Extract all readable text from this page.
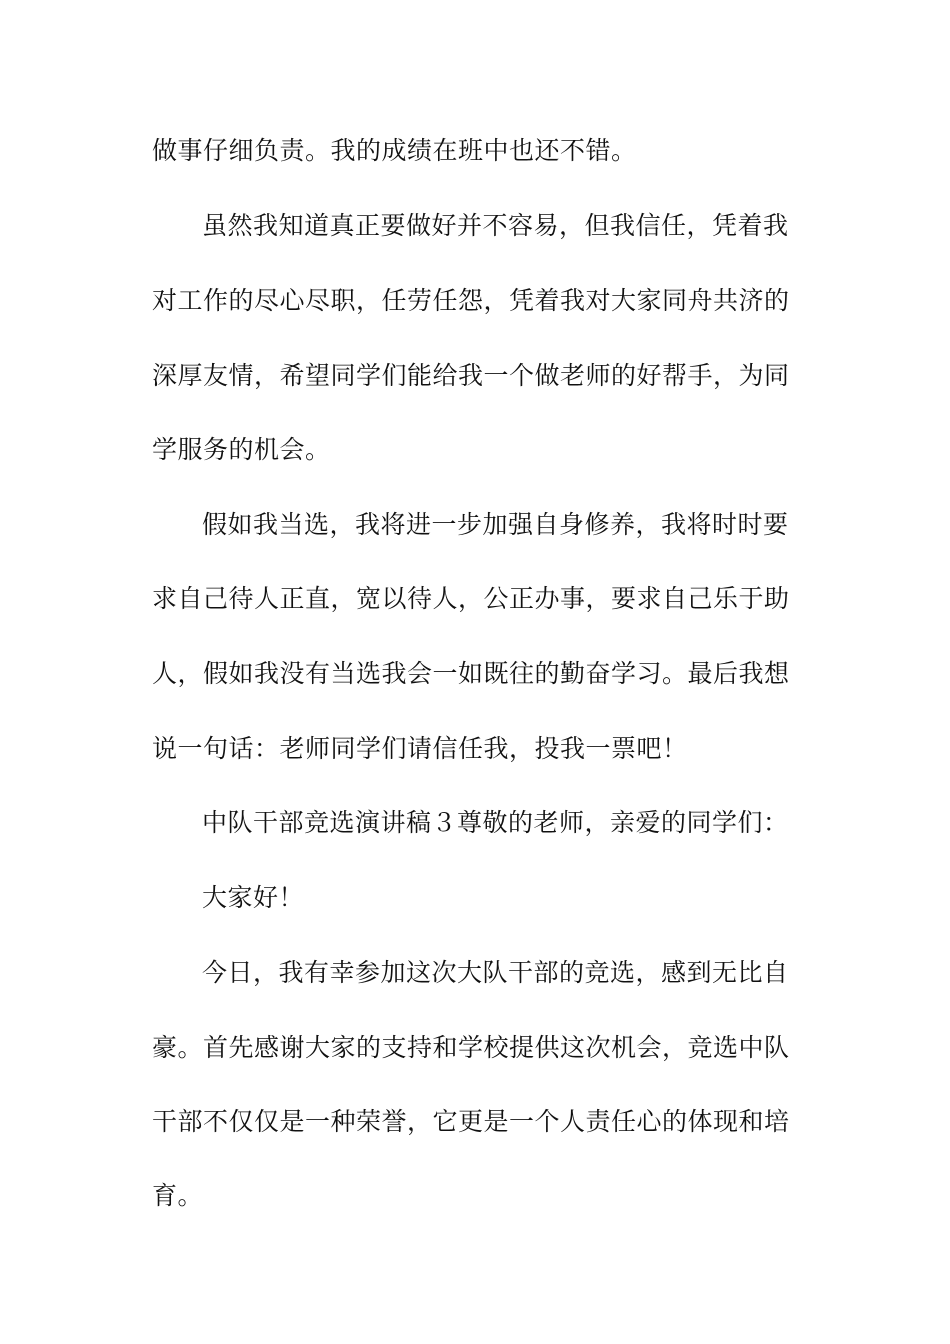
做事仔细负责。我的成绩在班中也还不错。
虽然我知道真正要做好并不容易，但我信任，凭着我
对工作的尽心尽职，任劳任怨，凭着我对大家同舟共济的
深厚友情，希望同学们能给我一个做老师的好帮手，为同
学服务的机会。
假如我当选，我将进一步加强自身修养，我将时时要
求自己待人正直，宽以待人，公正办事，要求自己乐于助
人，假如我没有当选我会一如既往的勤奋学习。最后我想
说一句话：老师同学们请信任我，投我一票吧！
中队干部竞选演讲稿３尊敬的老师，亲爱的同学们：
大家好！
今日，我有幸参加这次大队干部的竞选，感到无比自
豪。首先感谢大家的支持和学校提供这次机会，竞选中队
干部不仅仅是一种荣誉，它更是一个人责任心的体现和培
育。
